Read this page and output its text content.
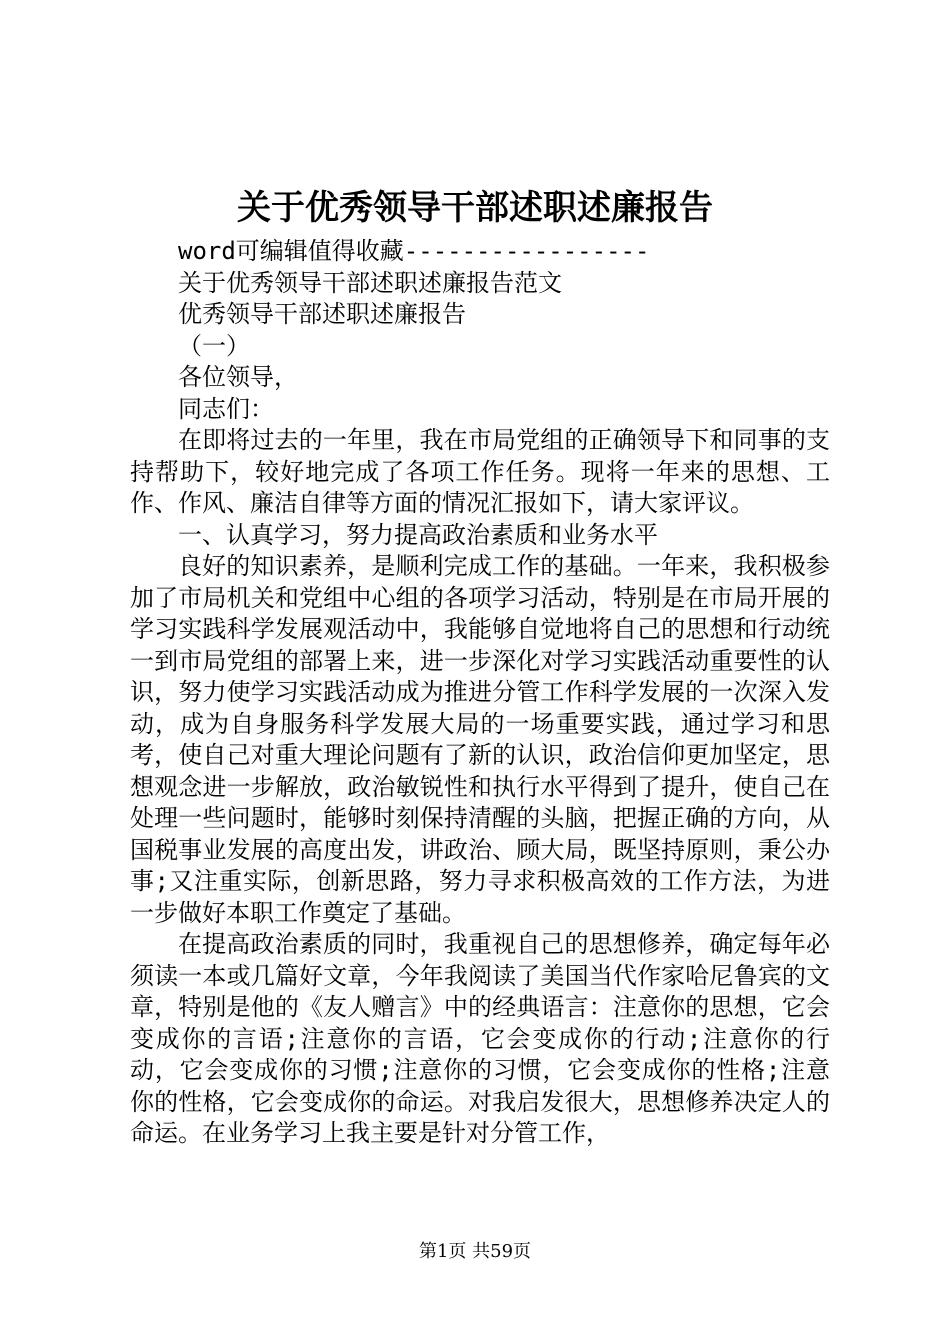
关于优秀领导干部述职述廉报告

word可编辑值得收藏-----------------

关于优秀领导干部述职述廉报告范文

优秀领导干部述职述廉报告

（一）

各位领导，

同志们：

在即将过去的一年里，我在市局党组的正确领导下和同事的支持帮助下，较好地完成了各项工作任务。现将一年来的思想、工作、作风、廉洁自律等方面的情况汇报如下，请大家评议。

一、认真学习，努力提高政治素质和业务水平

良好的知识素养，是顺利完成工作的基础。一年来，我积极参加了市局机关和党组中心组的各项学习活动，特别是在市局开展的学习实践科学发展观活动中，我能够自觉地将自己的思想和行动统一到市局党组的部署上来，进一步深化对学习实践活动重要性的认识，努力使学习实践活动成为推进分管工作科学发展的一次深入发动，成为自身服务科学发展大局的一场重要实践，通过学习和思考，使自己对重大理论问题有了新的认识，政治信仰更加坚定，思想观念进一步解放，政治敏锐性和执行水平得到了提升，使自己在处理一些问题时，能够时刻保持清醒的头脑，把握正确的方向，从国税事业发展的高度出发，讲政治、顾大局，既坚持原则，秉公办事;又注重实际，创新思路，努力寻求积极高效的工作方法，为进一步做好本职工作奠定了基础。

在提高政治素质的同时，我重视自己的思想修养，确定每年必须读一本或几篇好文章，今年我阅读了美国当代作家哈尼鲁宾的文章，特别是他的《友人赠言》中的经典语言：注意你的思想，它会变成你的言语;注意你的言语，它会变成你的行动;注意你的行动，它会变成你的习惯;注意你的习惯，它会变成你的性格;注意你的性格，它会变成你的命运。对我启发很大，思想修养决定人的命运。在业务学习上我主要是针对分管工作，

第1页 共59页
